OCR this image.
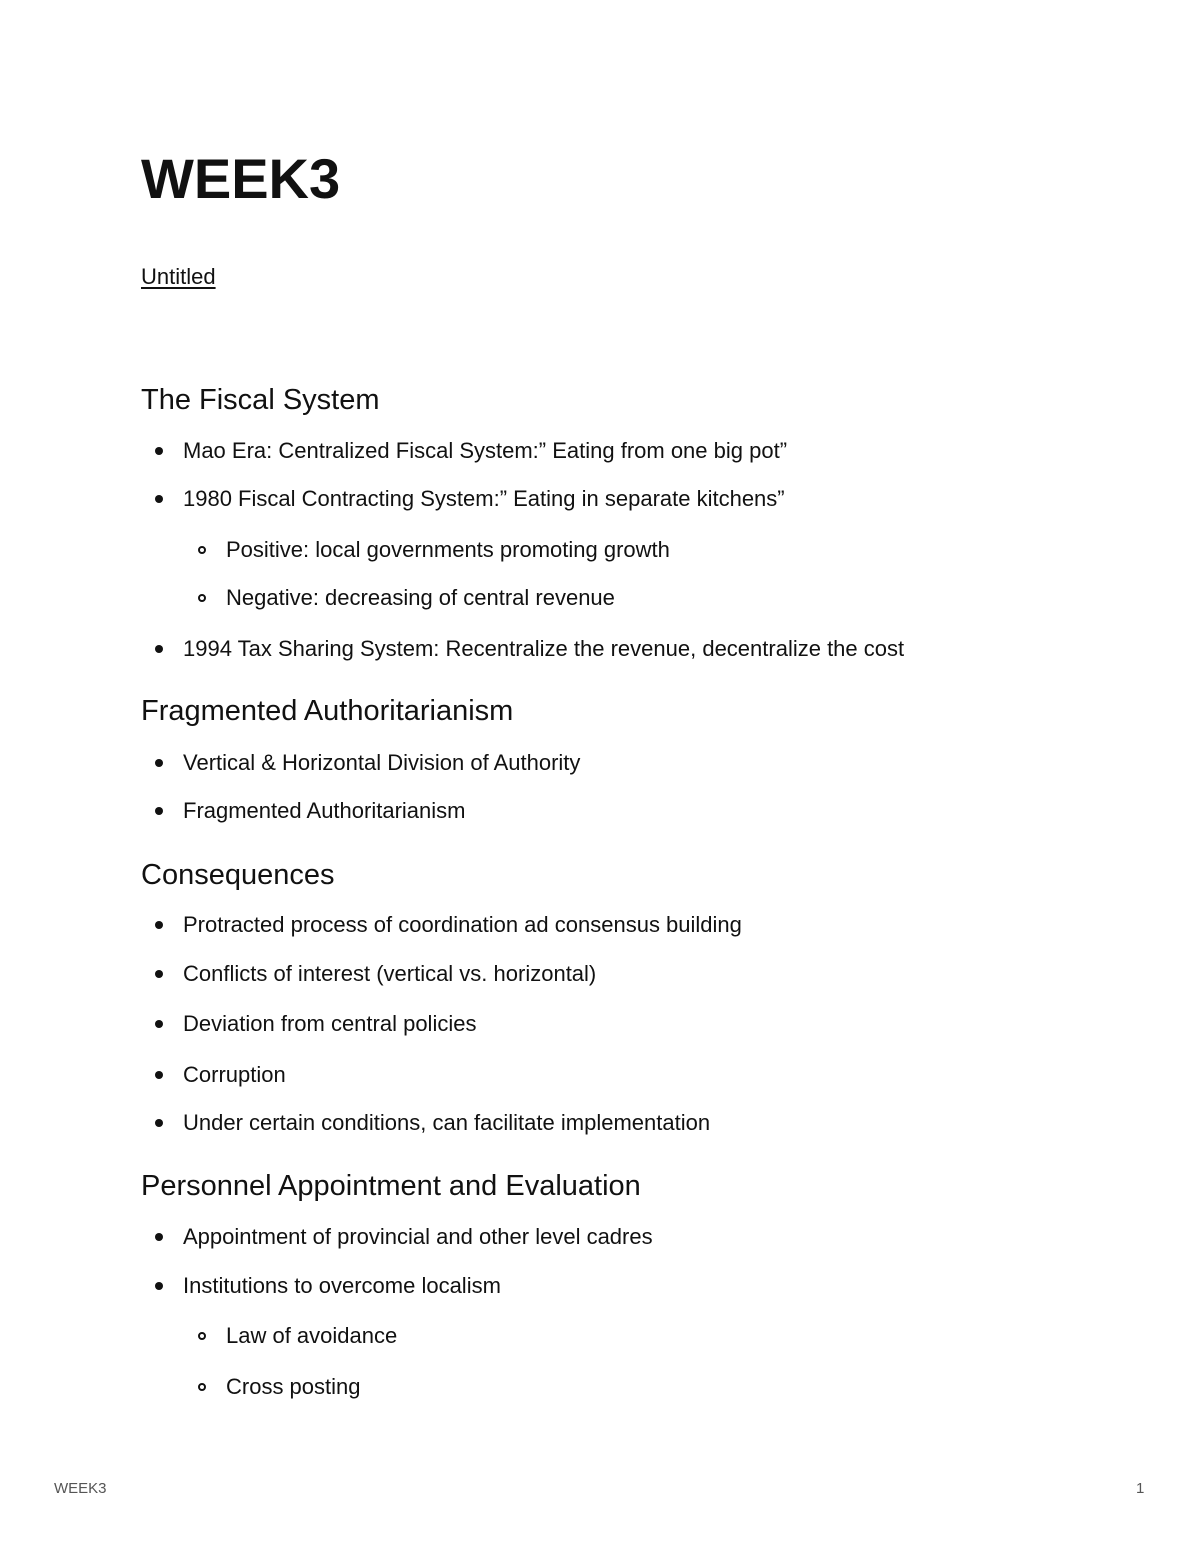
WEEK3
Untitled
The Fiscal System
Mao Era: Centralized Fiscal System:” Eating from one big pot”
1980 Fiscal Contracting System:” Eating in separate kitchens”
Positive: local governments promoting growth
Negative: decreasing of central revenue
1994 Tax Sharing System: Recentralize the revenue, decentralize the cost
Fragmented Authoritarianism
Vertical & Horizontal Division of Authority
Fragmented Authoritarianism
Consequences
Protracted process of coordination ad consensus building
Conflicts of interest (vertical vs. horizontal)
Deviation from central policies
Corruption
Under certain conditions, can facilitate implementation
Personnel Appointment and Evaluation
Appointment of provincial and other level cadres
Institutions to overcome localism
Law of avoidance
Cross posting
WEEK3	1
